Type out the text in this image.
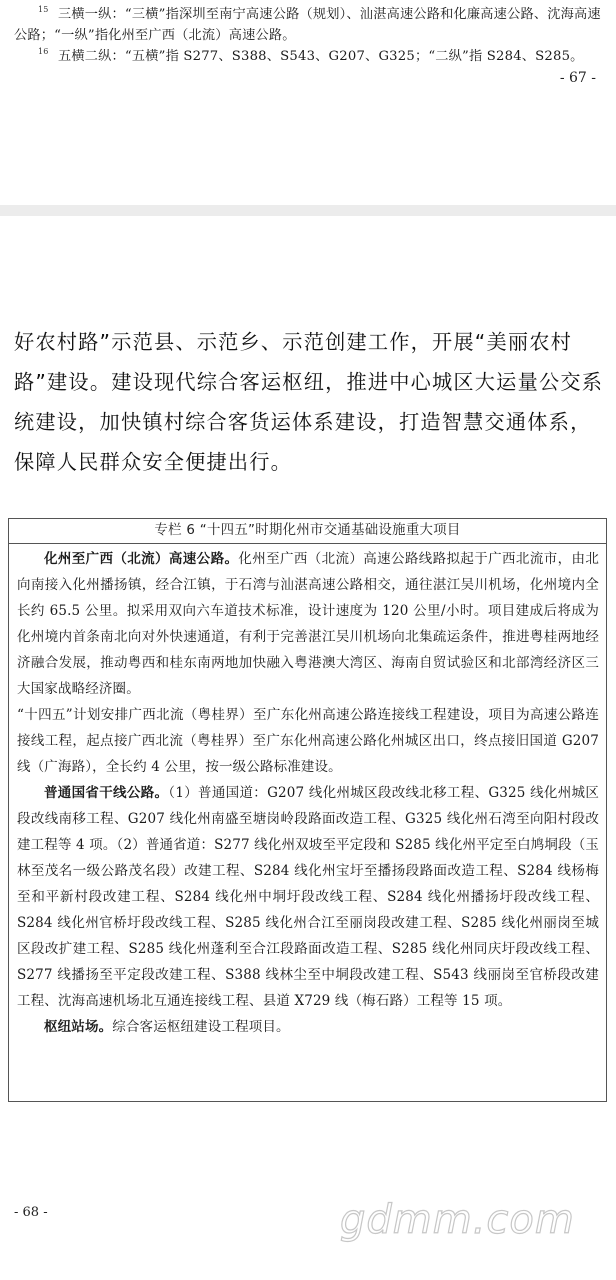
15 三横一纵：“三横”指深圳至南宁高速公路（规划）、汕湛高速公路和化廉高速公路、沈海高速公路；“一纵”指化州至广西（北流）高速公路。
16 五横二纵：“五横”指 S277、S388、S543、G207、G325；“二纵”指 S284、S285。
- 67 -
好农村路”示范县、示范乡、示范创建工作，开展“美丽农村路”建设。建设现代综合客运枢纽，推进中心城区大运量公交系统建设，加快镇村综合客货运体系建设，打造智慧交通体系，保障人民群众安全便捷出行。
专栏 6 “十四五”时期化州市交通基础设施重大项目

化州至广西（北流）高速公路。化州至广西（北流）高速公路线路拟起于广西北流市，由北向南接入化州播扬镇，经合江镇，于石湾与汕湛高速公路相交，通往湛江吴川机场，化州境内全长约 65.5 公里。拟采用双向六车道技术标准，设计速度为 120 公里/小时。项目建成后将成为化州境内首条南北向对外快速通道，有利于完善湛江吴川机场向北集疏运条件，推进粤桂两地经济融合发展，推动粤西和桂东南两地加快融入粤港澳大湾区、海南自贸试验区和北部湾经济区三大国家战略经济圈。

“十四五”计划安排广西北流（粤桂界）至广东化州高速公路连接线工程建设，项目为高速公路连接线工程，起点接广西北流（粤桂界）至广东化州高速公路化州城区出口，终点接旧国道 G207 线（广海路），全长约 4 公里，按一级公路标准建设。

普通国省干线公路。（1）普通国道：G207 线化州城区段改线北移工程、G325 线化州城区段改线南移工程、G207 线化州南盛至塘岗岭段路面改造工程、G325 线化州石湾至向阳村段改建工程等 4 项。（2）普通省道：S277 线化州双坡至平定段和 S285 线化州平定至白鸠垌段（玉林至茂名一级公路茂名段）改建工程、S284 线化州宝圩至播扬段路面改造工程、S284 线杨梅至和平新村段改建工程、S284 线化州中垌圩段改线工程、S284 线化州播扬圩段改线工程、S284 线化州官桥圩段改线工程、S285 线化州合江至丽岗段改建工程、S285 线化州丽岗至城区段改扩建工程、S285 线化州蓬利至合江段路面改造工程、S285 线化州同庆圩段改线工程、S277 线播扬至平定段改建工程、S388 线林尘至中垌段改建工程、S543 线丽岗至官桥段改建工程、沈海高速机场北互通连接线工程、县道 X729 线（梅石路）工程等 15 项。

枢纽站场。综合客运枢纽建设工程项目。

- 68 -	gdmm.com
